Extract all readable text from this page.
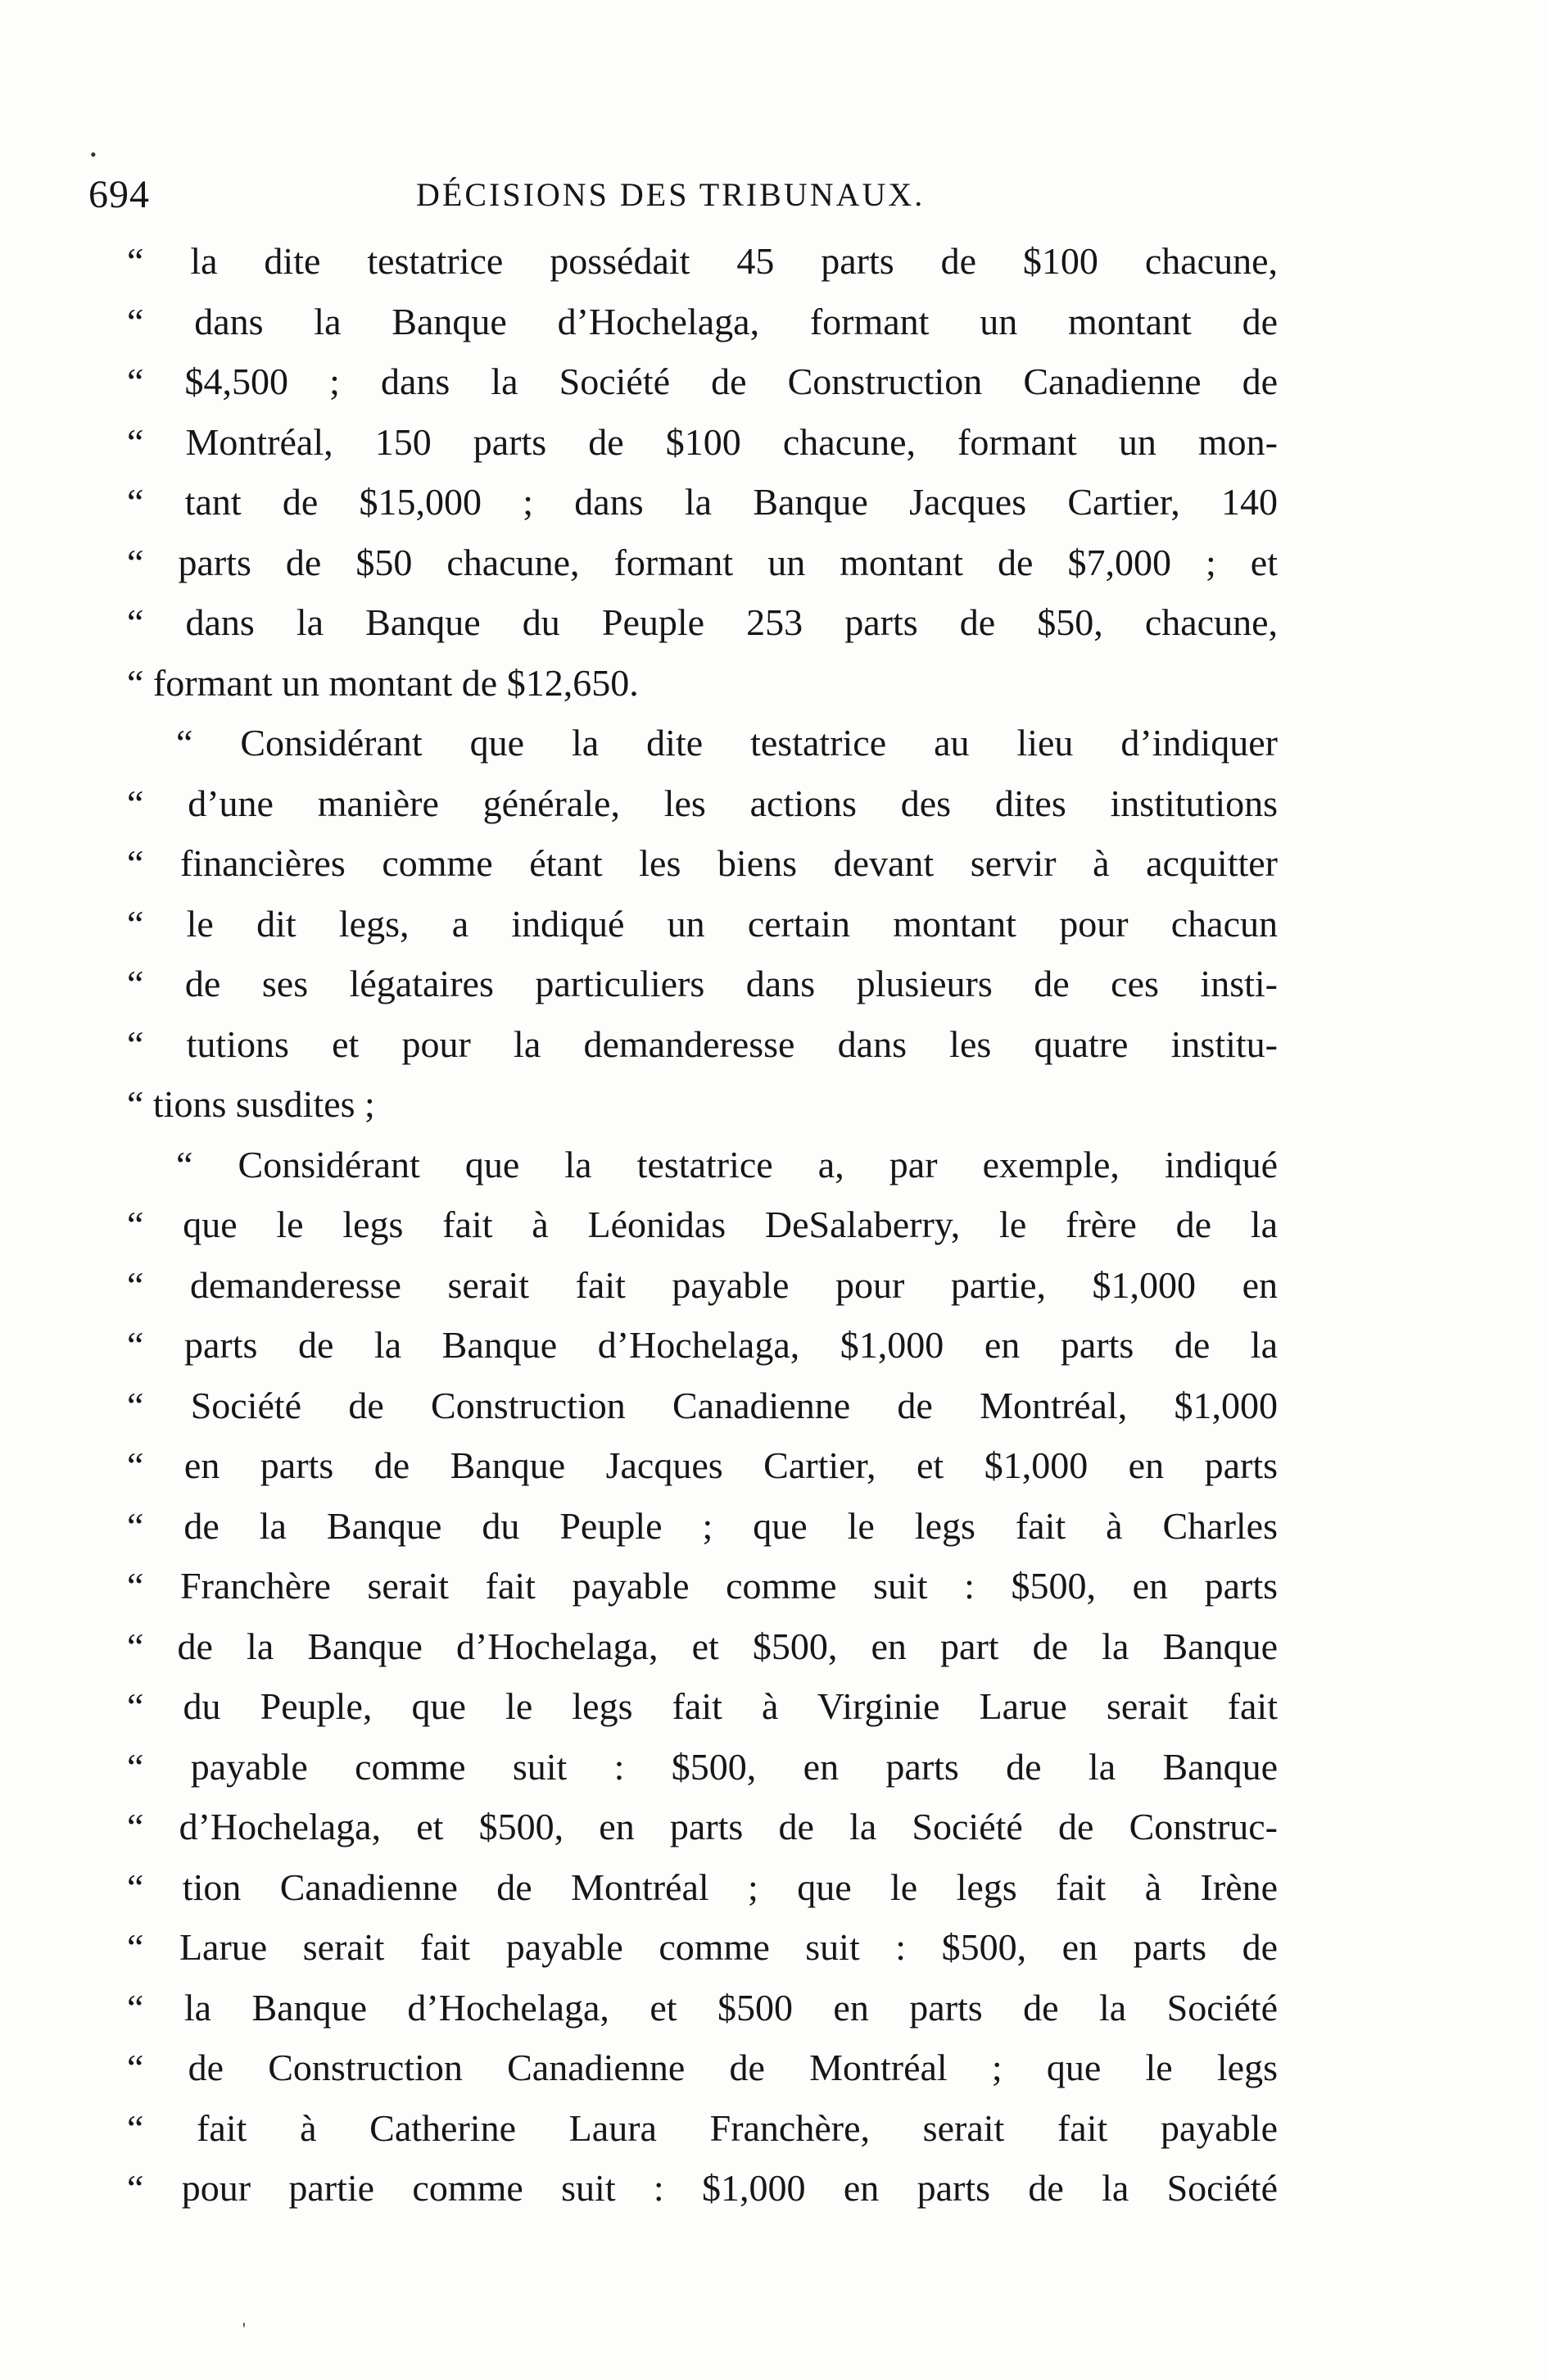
•
694	DÉCISIONS DES TRIBUNAUX.
“ la dite testatrice possédait 45 parts de $100 chacune,
“ dans la Banque d’Hochelaga, formant un montant de
“ $4,500 ; dans la Société de Construction Canadienne de
“ Montréal, 150 parts de $100 chacune, formant un mon-
“ tant de $15,000 ; dans la Banque Jacques Cartier, 140
“ parts de $50 chacune, formant un montant de $7,000 ; et
“ dans la Banque du Peuple 253 parts de $50, chacune,
“ formant un montant de $12,650.
“ Considérant que la dite testatrice au lieu d’indiquer
“ d’une manière générale, les actions des dites institutions
“ financières comme étant les biens devant servir à acquitter
“ le dit legs, a indiqué un certain montant pour chacun
“ de ses légataires particuliers dans plusieurs de ces insti-
“ tutions et pour la demanderesse dans les quatre institu-
“ tions susdites ;
“ Considérant que la testatrice a, par exemple, indiqué
“ que le legs fait à Léonidas DeSalaberry, le frère de la
“ demanderesse serait fait payable pour partie, $1,000 en
“ parts de la Banque d’Hochelaga, $1,000 en parts de la
“ Société de Construction Canadienne de Montréal, $1,000
“ en parts de Banque Jacques Cartier, et $1,000 en parts
“ de la Banque du Peuple ; que le legs fait à Charles
“ Franchère serait fait payable comme suit : $500, en parts
“ de la Banque d’Hochelaga, et $500, en part de la Banque
“ du Peuple, que le legs fait à Virginie Larue serait fait
“ payable comme suit : $500, en parts de la Banque
“ d’Hochelaga, et $500, en parts de la Société de Construc-
“ tion Canadienne de Montréal ; que le legs fait à Irène
“ Larue serait fait payable comme suit : $500, en parts de
“ la Banque d’Hochelaga, et $500 en parts de la Société
“ de Construction Canadienne de Montréal ; que le legs
“ fait à Catherine Laura Franchère, serait fait payable
“ pour partie comme suit : $1,000 en parts de la Société
'
